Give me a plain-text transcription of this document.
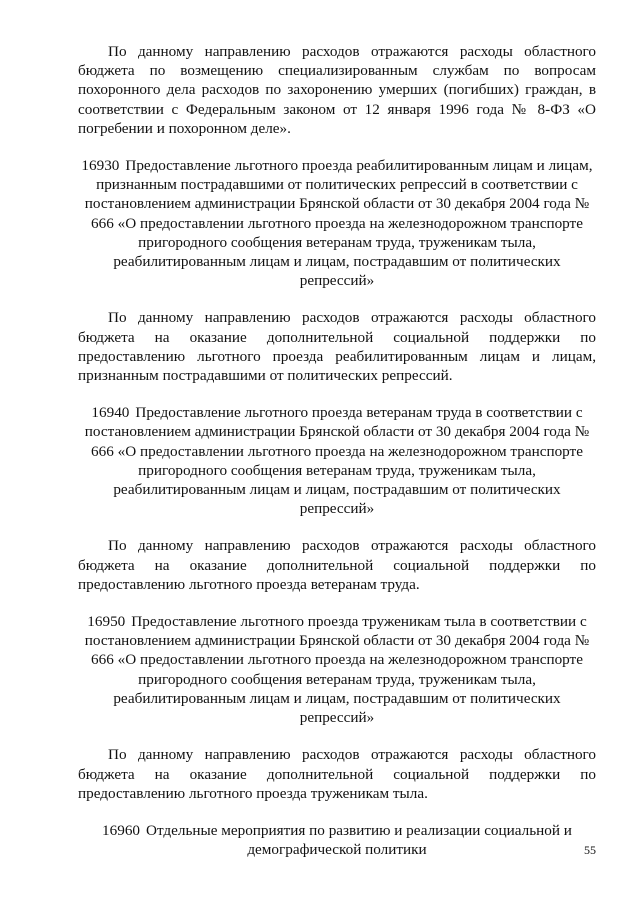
По данному направлению расходов отражаются расходы областного бюджета по возмещению специализированным службам по вопросам похоронного дела расходов по захоронению умерших (погибших) граждан, в соответствии с Федеральным законом от 12 января 1996 года № 8-ФЗ «О погребении и похоронном деле».

16930 Предоставление льготного проезда реабилитированным лицам и лицам, признанным пострадавшими от политических репрессий в соответствии с постановлением администрации Брянской области от 30 декабря 2004 года № 666 «О предоставлении льготного проезда на железнодорожном транспорте пригородного сообщения ветеранам труда, труженикам тыла, реабилитированным лицам и лицам, пострадавшим от политических репрессий»

По данному направлению расходов отражаются расходы областного бюджета на оказание дополнительной социальной поддержки по предоставлению льготного проезда реабилитированным лицам и лицам, признанным пострадавшими от политических репрессий.

16940 Предоставление льготного проезда ветеранам труда в соответствии с постановлением администрации Брянской области от 30 декабря 2004 года № 666 «О предоставлении льготного проезда на железнодорожном транспорте пригородного сообщения ветеранам труда, труженикам тыла, реабилитированным лицам и лицам, пострадавшим от политических репрессий»

По данному направлению расходов отражаются расходы областного бюджета на оказание дополнительной социальной поддержки по предоставлению льготного проезда ветеранам труда.

16950 Предоставление льготного проезда труженикам тыла в соответствии с постановлением администрации Брянской области от 30 декабря 2004 года № 666 «О предоставлении льготного проезда на железнодорожном транспорте пригородного сообщения ветеранам труда, труженикам тыла, реабилитированным лицам и лицам, пострадавшим от политических репрессий»

По данному направлению расходов отражаются расходы областного бюджета на оказание дополнительной социальной поддержки по предоставлению льготного проезда труженикам тыла.

16960 Отдельные мероприятия по развитию и реализации социальной и демографической политики	55
